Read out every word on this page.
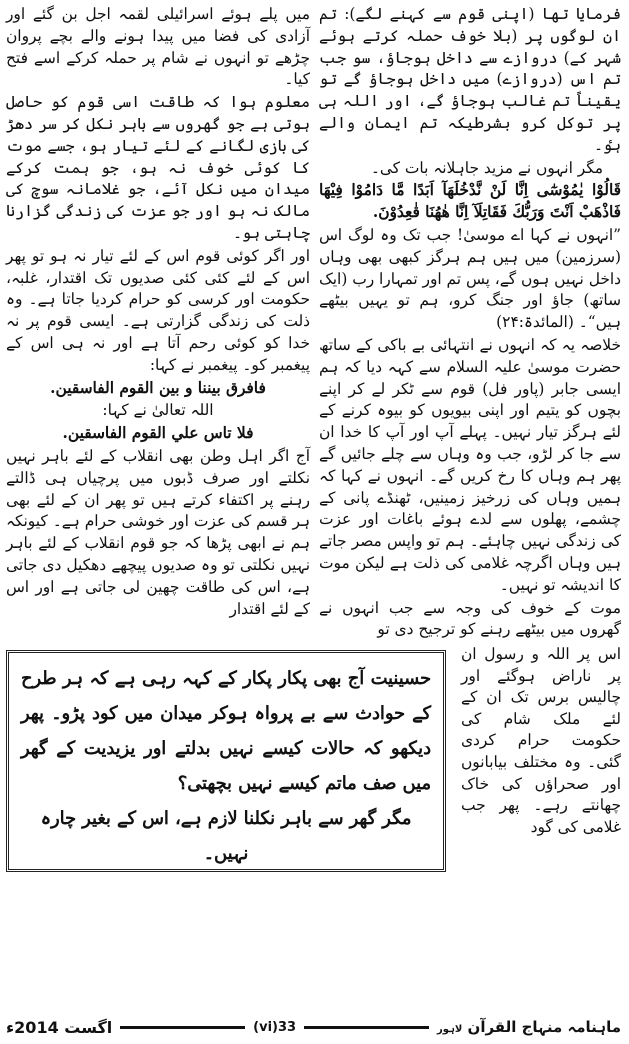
فرمایا تھا (اپنی قوم سے کہنے لگے): تم ان لوگوں پر (بلا خوف حملہ کرتے ہوئے شہر کے) دروازے سے داخل ہوجاؤ، سو جب تم اس (دروازے) میں داخل ہوجاؤ گے تو یقیناً تم غالب ہوجاؤ گے، اور اللہ ہی پر توکل کرو بشرطیکہ تم ایمان والے ہوٴ۔

مگر انہوں نے مزید جاہلانہ بات کی۔

قَالُوْا يٰمُوْسٰٓى اِنَّا لَنْ نَّدْخُلَهَآ اَبَدًا مَّا دَامُوْا فِيْهَا فَاذْهَبْ اَنْتَ وَرَبُّكَ فَقَاتِلَآ اِنَّا هٰهُنَا قٰعِدُوْنَ.

”انہوں نے کہا اے موسیٰ! جب تک وہ لوگ اس (سرزمین) میں ہیں ہم ہرگز کبھی بھی وہاں داخل نہیں ہوں گے، پس تم اور تمہارا رب (ایک ساتھ) جاؤ اور جنگ کرو، ہم تو یہیں بیٹھے ہیں“۔ (المائدۃ:۲۴)

خلاصہ یہ کہ انہوں نے انتہائی بے باکی کے ساتھ حضرت موسیٰ علیہ السلام سے کہہ دیا کہ ہم ایسی جابر (پاور فل) قوم سے ٹکر لے کر اپنے بچوں کو یتیم اور اپنی بیویوں کو بیوہ کرنے کے لئے ہرگز تیار نہیں۔ پہلے آپ اور آپ کا خدا ان سے جا کر لڑو، جب وہ وہاں سے چلے جائیں گے پھر ہم وہاں کا رخ کریں گے۔ انہوں نے کہا کہ ہمیں وہاں کی زرخیز زمینیں، ٹھنڈے پانی کے چشمے، پھلوں سے لدے ہوئے باغات اور عزت کی زندگی نہیں چاہئے۔ ہم تو واپس مصر جاتے ہیں وہاں اگرچہ غلامی کی ذلت ہے لیکن موت کا اندیشہ تو نہیں۔

موت کے خوف کی وجہ سے جب انہوں نے گھروں میں بیٹھے رہنے کو ترجیح دی تو

اس پر اللہ و رسول ان پر ناراض ہوگئے اور چالیس برس تک ان کے لئے ملک شام کی حکومت حرام کردی گئی۔ وہ مختلف بیابانوں اور صحراؤں کی خاک چھانتے رہے۔ پھر جب غلامی کی گود

میں پلے ہوئے اسرائیلی لقمہ اجل بن گئے اور آزادی کی فضا میں پیدا ہونے والے بچے پروان چڑھے تو انہوں نے شام پر حملہ کرکے اسے فتح کیا۔

معلوم ہوا کہ طاقت اسی قوم کو حاصل ہوتی ہے جو گھروں سے باہر نکل کر سر دھڑ کی بازی لگانے کے لئے تیار ہو، جسے موت کا کوئی خوف نہ ہو، جو ہمت کرکے میدان میں نکل آئے، جو غلامانہ سوچ کی مالک نہ ہو اور جو عزت کی زندگی گزارنا چاہتی ہو۔

اور اگر کوئی قوم اس کے لئے تیار نہ ہو تو پھر اس کے لئے کئی کئی صدیوں تک اقتدار، غلبہ، حکومت اور کرسی کو حرام کردیا جاتا ہے۔ وہ ذلت کی زندگی گزارتی ہے۔ ایسی قوم پر نہ خدا کو کوئی رحم آتا ہے اور نہ ہی اس کے پیغمبر کو۔ پیغمبر نے کہا:

فافرق بيننا و بين القوم الفاسقين.

اللہ تعالیٰ نے کہا:

فلا تاس علي القوم الفاسقين.

آج اگر اہل وطن بھی انقلاب کے لئے باہر نہیں نکلتے اور صرف ڈبوں میں پرچیاں ہی ڈالتے رہنے پر اکتفاء کرتے ہیں تو پھر ان کے لئے بھی ہر قسم کی عزت اور خوشی حرام ہے۔ کیونکہ ہم نے ابھی پڑھا کہ جو قوم انقلاب کے لئے باہر نہیں نکلتی تو وہ صدیوں پیچھے دھکیل دی جاتی ہے، اس کی طاقت چھین لی جاتی ہے اور اس کے لئے اقتدار

حسینیت آج بھی پکار پکار کے کہہ رہی ہے کہ ہر طرح کے حوادث سے بے پرواہ ہوکر میدان میں کود پڑو۔ پھر دیکھو کہ حالات کیسے نہیں بدلتے اور یزیدیت کے گھر میں صف ماتم کیسے نہیں بچھتی؟

مگر گھر سے باہر نکلنا لازم ہے، اس کے بغیر چارہ نہیں۔

ماہنامہ منہاج القرآن لاہور
33(vi)
اگست 2014ء
